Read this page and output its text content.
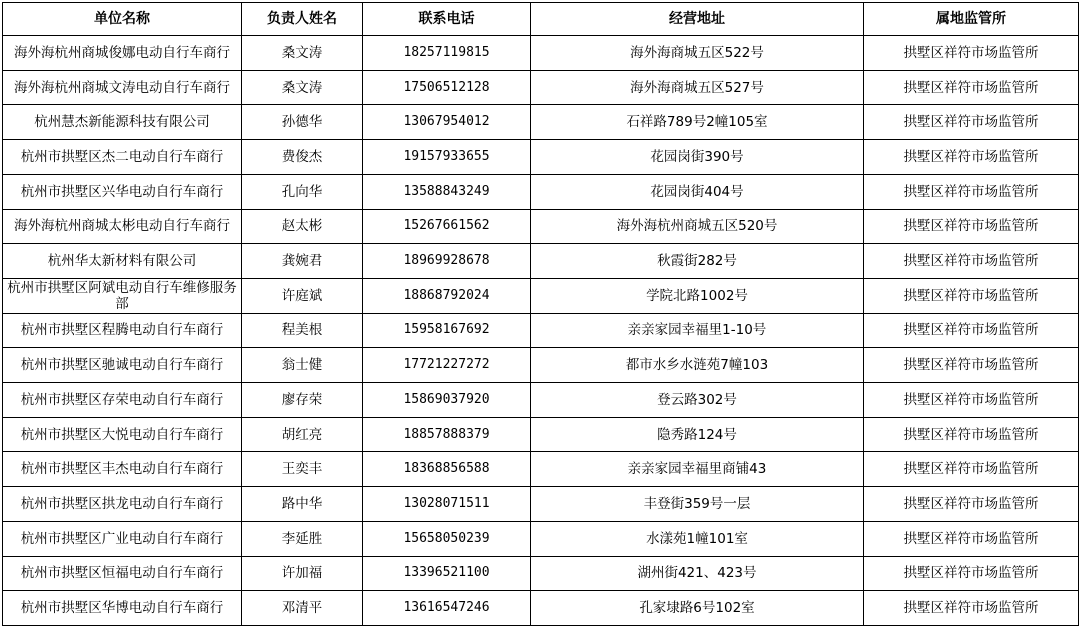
单位名称	负责人姓名	联系电话	经营地址	属地监管所
海外海杭州商城俊娜电动自行车商行	桑文涛	18257119815	海外海商城五区522号	拱墅区祥符市场监管所
海外海杭州商城文涛电动自行车商行	桑文涛	17506512128	海外海商城五区527号	拱墅区祥符市场监管所
杭州慧杰新能源科技有限公司	孙德华	13067954012	石祥路789号2幢105室	拱墅区祥符市场监管所
杭州市拱墅区杰二电动自行车商行	费俊杰	19157933655	花园岗街390号	拱墅区祥符市场监管所
杭州市拱墅区兴华电动自行车商行	孔向华	13588843249	花园岗街404号	拱墅区祥符市场监管所
海外海杭州商城太彬电动自行车商行	赵太彬	15267661562	海外海杭州商城五区520号	拱墅区祥符市场监管所
杭州华太新材料有限公司	龚婉君	18969928678	秋霞街282号	拱墅区祥符市场监管所
杭州市拱墅区阿斌电动自行车维修服务部	许庭斌	18868792024	学院北路1002号	拱墅区祥符市场监管所
杭州市拱墅区程腾电动自行车商行	程美根	15958167692	亲亲家园幸福里1-10号	拱墅区祥符市场监管所
杭州市拱墅区驰诚电动自行车商行	翁士健	17721227272	都市水乡水涟苑7幢103	拱墅区祥符市场监管所
杭州市拱墅区存荣电动自行车商行	廖存荣	15869037920	登云路302号	拱墅区祥符市场监管所
杭州市拱墅区大悦电动自行车商行	胡红亮	18857888379	隐秀路124号	拱墅区祥符市场监管所
杭州市拱墅区丰杰电动自行车商行	王奕丰	18368856588	亲亲家园幸福里商铺43	拱墅区祥符市场监管所
杭州市拱墅区拱龙电动自行车商行	路中华	13028071511	丰登街359号一层	拱墅区祥符市场监管所
杭州市拱墅区广业电动自行车商行	李延胜	15658050239	水漾苑1幢101室	拱墅区祥符市场监管所
杭州市拱墅区恒福电动自行车商行	许加福	13396521100	湖州街421、423号	拱墅区祥符市场监管所
杭州市拱墅区华博电动自行车商行	邓清平	13616547246	孔家埭路6号102室	拱墅区祥符市场监管所
